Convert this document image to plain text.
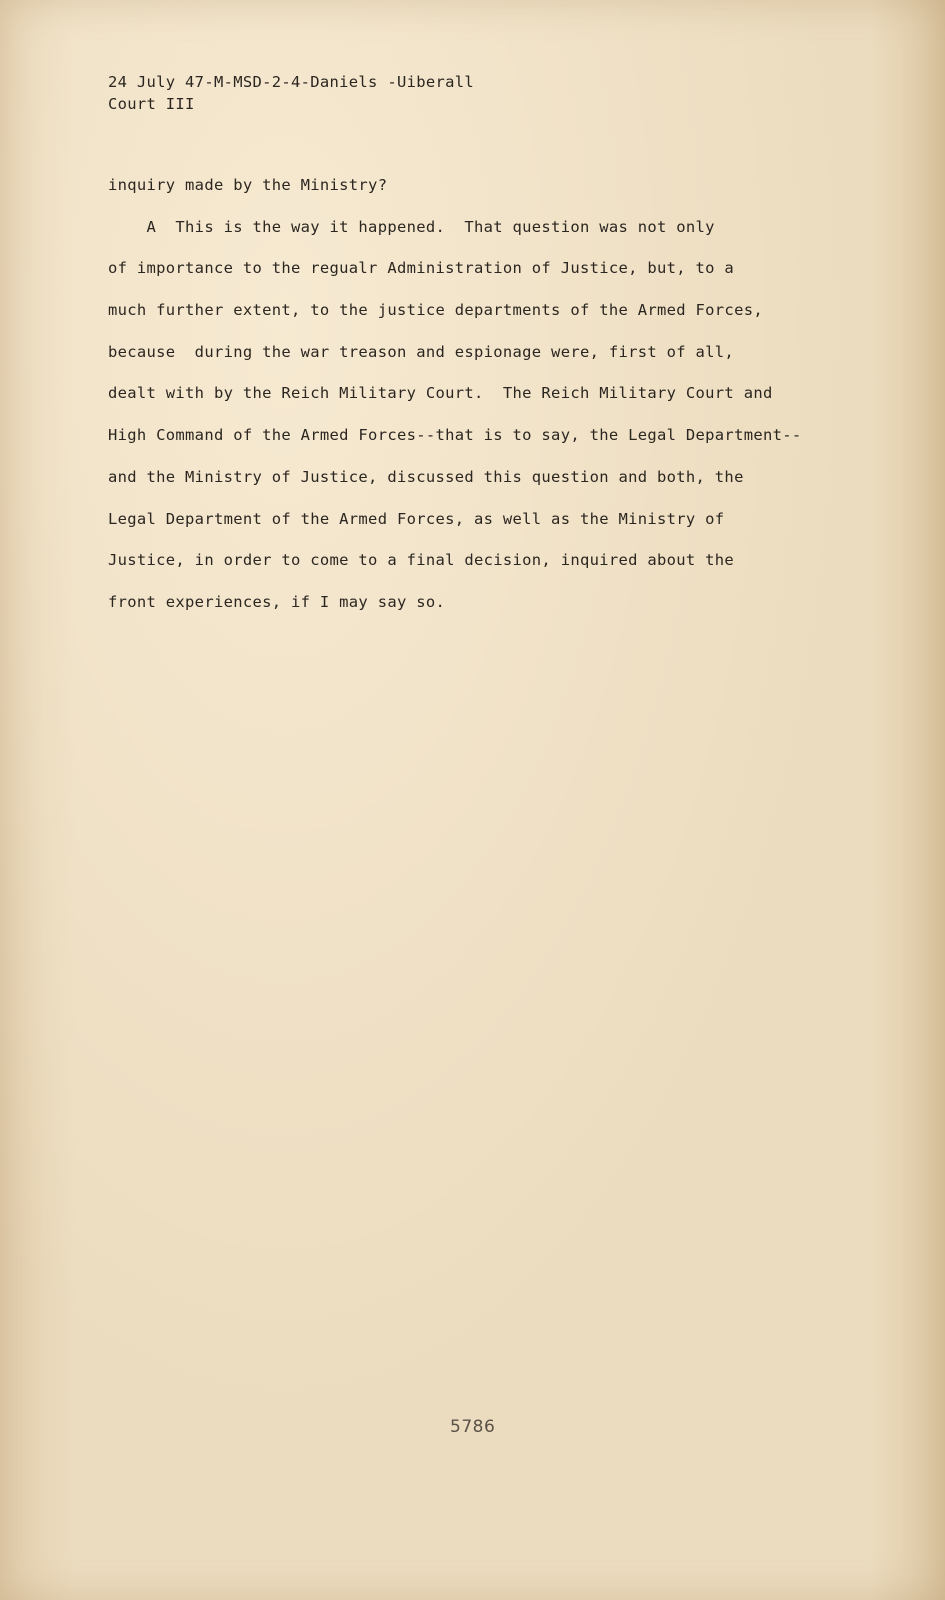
24 July 47-M-MSD-2-4-Daniels -Uiberall
Court III
inquiry made by the Ministry?
A  This is the way it happened.  That question was not only
of importance to the regualr Administration of Justice, but, to a
much further extent, to the justice departments of the Armed Forces,
because  during the war treason and espionage were, first of all,
dealt with by the Reich Military Court.  The Reich Military Court and
High Command of the Armed Forces--that is to say, the Legal Department--
and the Ministry of Justice, discussed this question and both, the
Legal Department of the Armed Forces, as well as the Ministry of
Justice, in order to come to a final decision, inquired about the
front experiences, if I may say so.
5786
